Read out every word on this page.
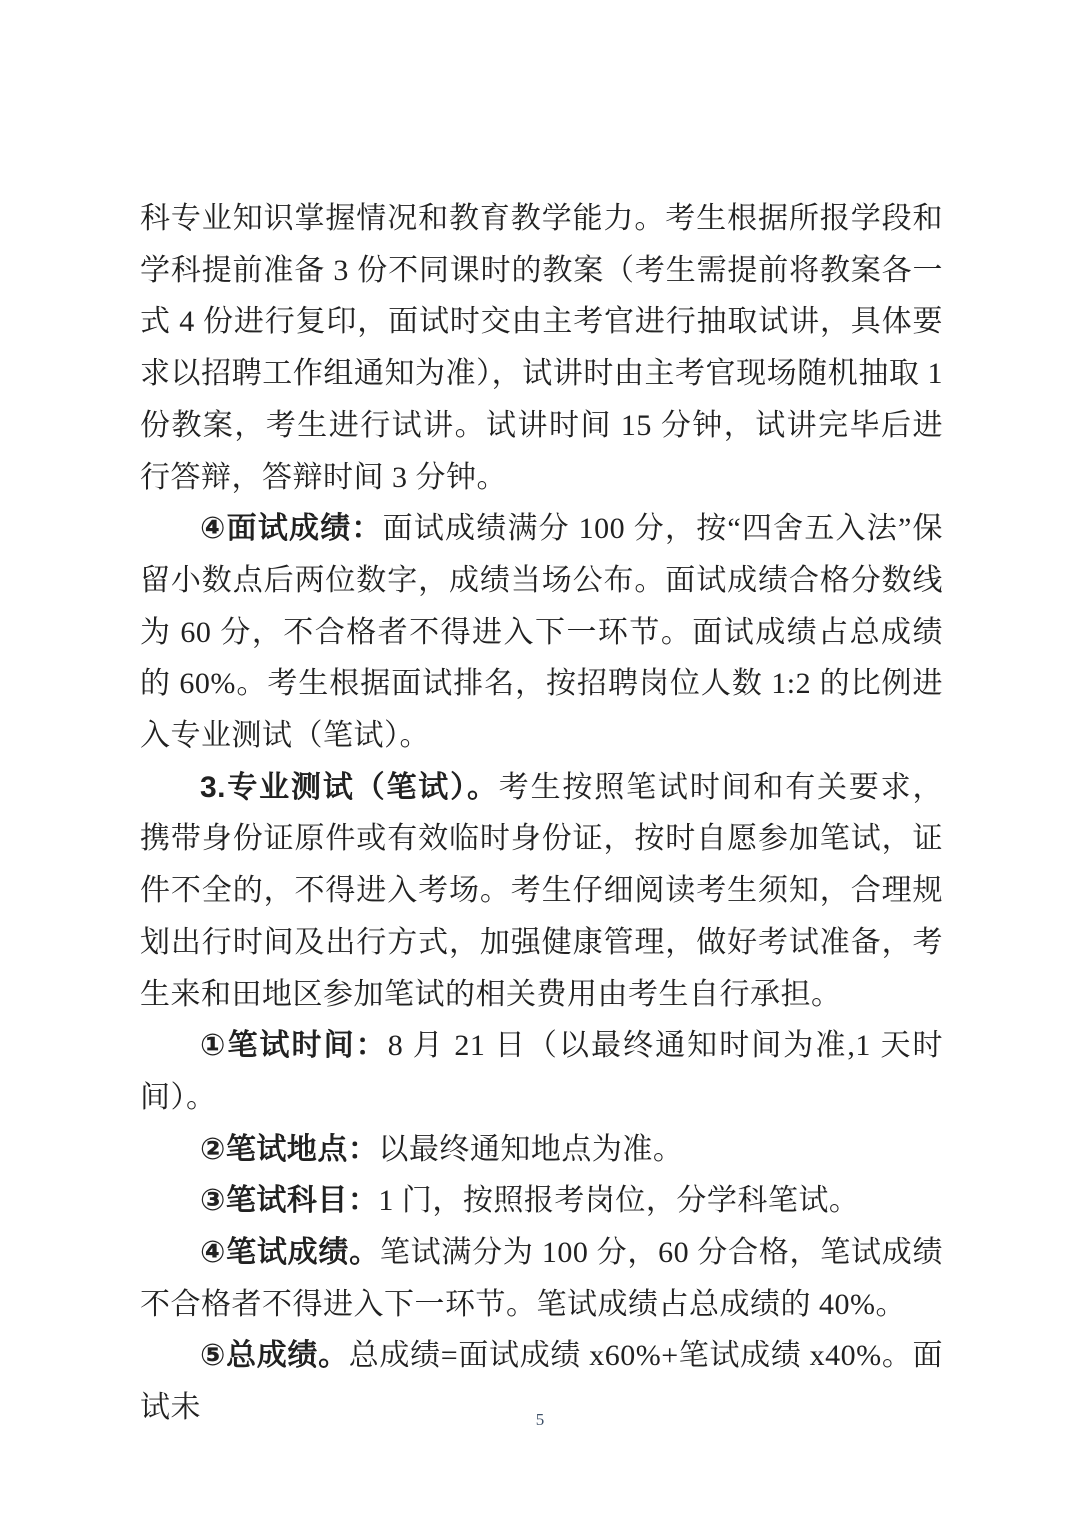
科专业知识掌握情况和教育教学能力。考生根据所报学段和学科提前准备 3 份不同课时的教案（考生需提前将教案各一式 4 份进行复印，面试时交由主考官进行抽取试讲，具体要求以招聘工作组通知为准），试讲时由主考官现场随机抽取 1 份教案，考生进行试讲。试讲时间 15 分钟，试讲完毕后进行答辩，答辩时间 3 分钟。

④面试成绩：面试成绩满分 100 分，按“四舍五入法”保留小数点后两位数字，成绩当场公布。面试成绩合格分数线为 60 分，不合格者不得进入下一环节。面试成绩占总成绩的 60%。考生根据面试排名，按招聘岗位人数 1:2 的比例进入专业测试（笔试）。

3.专业测试（笔试）。考生按照笔试时间和有关要求，携带身份证原件或有效临时身份证，按时自愿参加笔试，证件不全的，不得进入考场。考生仔细阅读考生须知，合理规划出行时间及出行方式，加强健康管理，做好考试准备，考生来和田地区参加笔试的相关费用由考生自行承担。

①笔试时间：8 月 21 日（以最终通知时间为准,1 天时间）。

②笔试地点：以最终通知地点为准。

③笔试科目：1 门，按照报考岗位，分学科笔试。

④笔试成绩。笔试满分为 100 分，60 分合格，笔试成绩不合格者不得进入下一环节。笔试成绩占总成绩的 40%。

⑤总成绩。总成绩=面试成绩 x60%+笔试成绩 x40%。面试未	5
